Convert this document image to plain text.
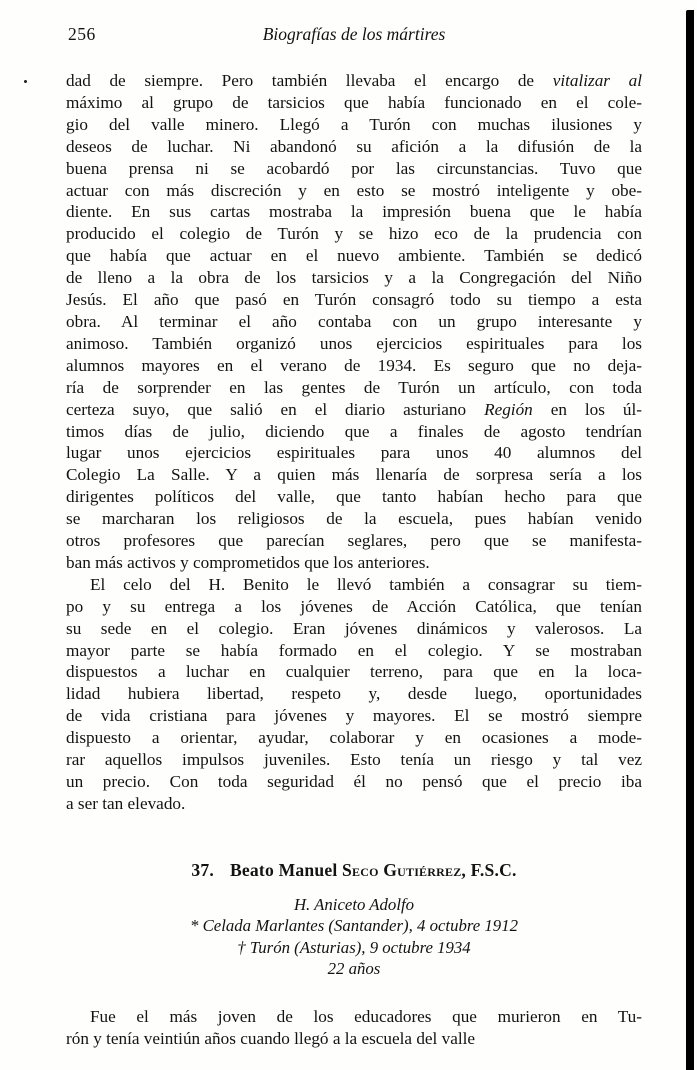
256	Biografías de los mártires
dad de siempre. Pero también llevaba el encargo de vitalizar al
máximo al grupo de tarsicios que había funcionado en el cole-
gio del valle minero. Llegó a Turón con muchas ilusiones y
deseos de luchar. Ni abandonó su afición a la difusión de la
buena prensa ni se acobardó por las circunstancias. Tuvo que
actuar con más discreción y en esto se mostró inteligente y obe-
diente. En sus cartas mostraba la impresión buena que le había
producido el colegio de Turón y se hizo eco de la prudencia con
que había que actuar en el nuevo ambiente. También se dedicó
de lleno a la obra de los tarsicios y a la Congregación del Niño
Jesús. El año que pasó en Turón consagró todo su tiempo a esta
obra. Al terminar el año contaba con un grupo interesante y
animoso. También organizó unos ejercicios espirituales para los
alumnos mayores en el verano de 1934. Es seguro que no deja-
ría de sorprender en las gentes de Turón un artículo, con toda
certeza suyo, que salió en el diario asturiano Región en los úl-
timos días de julio, diciendo que a finales de agosto tendrían
lugar unos ejercicios espirituales para unos 40 alumnos del
Colegio La Salle. Y a quien más llenaría de sorpresa sería a los
dirigentes políticos del valle, que tanto habían hecho para que
se marcharan los religiosos de la escuela, pues habían venido
otros profesores que parecían seglares, pero que se manifesta-
ban más activos y comprometidos que los anteriores.
El celo del H. Benito le llevó también a consagrar su tiem-
po y su entrega a los jóvenes de Acción Católica, que tenían
su sede en el colegio. Eran jóvenes dinámicos y valerosos. La
mayor parte se había formado en el colegio. Y se mostraban
dispuestos a luchar en cualquier terreno, para que en la loca-
lidad hubiera libertad, respeto y, desde luego, oportunidades
de vida cristiana para jóvenes y mayores. El se mostró siempre
dispuesto a orientar, ayudar, colaborar y en ocasiones a mode-
rar aquellos impulsos juveniles. Esto tenía un riesgo y tal vez
un precio. Con toda seguridad él no pensó que el precio iba
a ser tan elevado.
37. Beato Manuel Seco Gutiérrez, F.S.C.
H. Aniceto Adolfo
* Celada Marlantes (Santander), 4 octubre 1912
† Turón (Asturias), 9 octubre 1934
22 años
Fue el más joven de los educadores que murieron en Tu-
rón y tenía veintiún años cuando llegó a la escuela del valle
